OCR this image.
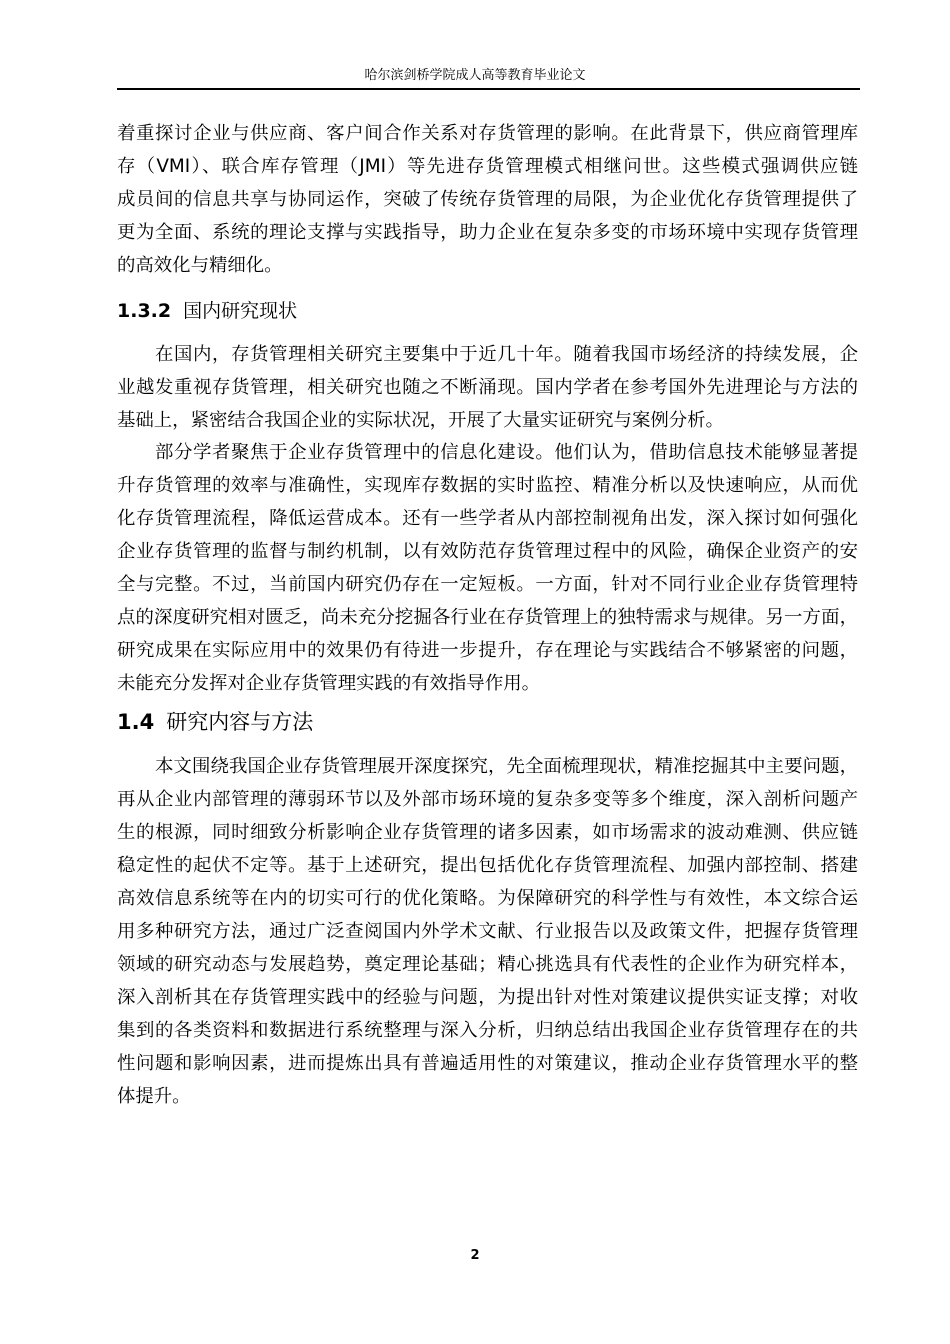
哈尔滨剑桥学院成人高等教育毕业论文
着重探讨企业与供应商、客户间合作关系对存货管理的影响。在此背景下，供应商管理库
存（VMI）、联合库存管理（JMI）等先进存货管理模式相继问世。这些模式强调供应链
成员间的信息共享与协同运作，突破了传统存货管理的局限，为企业优化存货管理提供了
更为全面、系统的理论支撑与实践指导，助力企业在复杂多变的市场环境中实现存货管理
的高效化与精细化。
在国内，存货管理相关研究主要集中于近几十年。随着我国市场经济的持续发展，企
业越发重视存货管理，相关研究也随之不断涌现。国内学者在参考国外先进理论与方法的
基础上，紧密结合我国企业的实际状况，开展了大量实证研究与案例分析。
部分学者聚焦于企业存货管理中的信息化建设。他们认为，借助信息技术能够显著提
升存货管理的效率与准确性，实现库存数据的实时监控、精准分析以及快速响应，从而优
化存货管理流程，降低运营成本。还有一些学者从内部控制视角出发，深入探讨如何强化
企业存货管理的监督与制约机制，以有效防范存货管理过程中的风险，确保企业资产的安
全与完整。不过，当前国内研究仍存在一定短板。一方面，针对不同行业企业存货管理特
点的深度研究相对匮乏，尚未充分挖掘各行业在存货管理上的独特需求与规律。另一方面，
研究成果在实际应用中的效果仍有待进一步提升，存在理论与实践结合不够紧密的问题，
未能充分发挥对企业存货管理实践的有效指导作用。
本文围绕我国企业存货管理展开深度探究，先全面梳理现状，精准挖掘其中主要问题，
再从企业内部管理的薄弱环节以及外部市场环境的复杂多变等多个维度，深入剖析问题产
生的根源，同时细致分析影响企业存货管理的诸多因素，如市场需求的波动难测、供应链
稳定性的起伏不定等。基于上述研究，提出包括优化存货管理流程、加强内部控制、搭建
高效信息系统等在内的切实可行的优化策略。为保障研究的科学性与有效性，本文综合运
用多种研究方法，通过广泛查阅国内外学术文献、行业报告以及政策文件，把握存货管理
领域的研究动态与发展趋势，奠定理论基础；精心挑选具有代表性的企业作为研究样本，
深入剖析其在存货管理实践中的经验与问题，为提出针对性对策建议提供实证支撑；对收
集到的各类资料和数据进行系统整理与深入分析，归纳总结出我国企业存货管理存在的共
性问题和影响因素，进而提炼出具有普遍适用性的对策建议，推动企业存货管理水平的整
体提升。
1.3.2 国内研究现状
1.4 研究内容与方法
2
